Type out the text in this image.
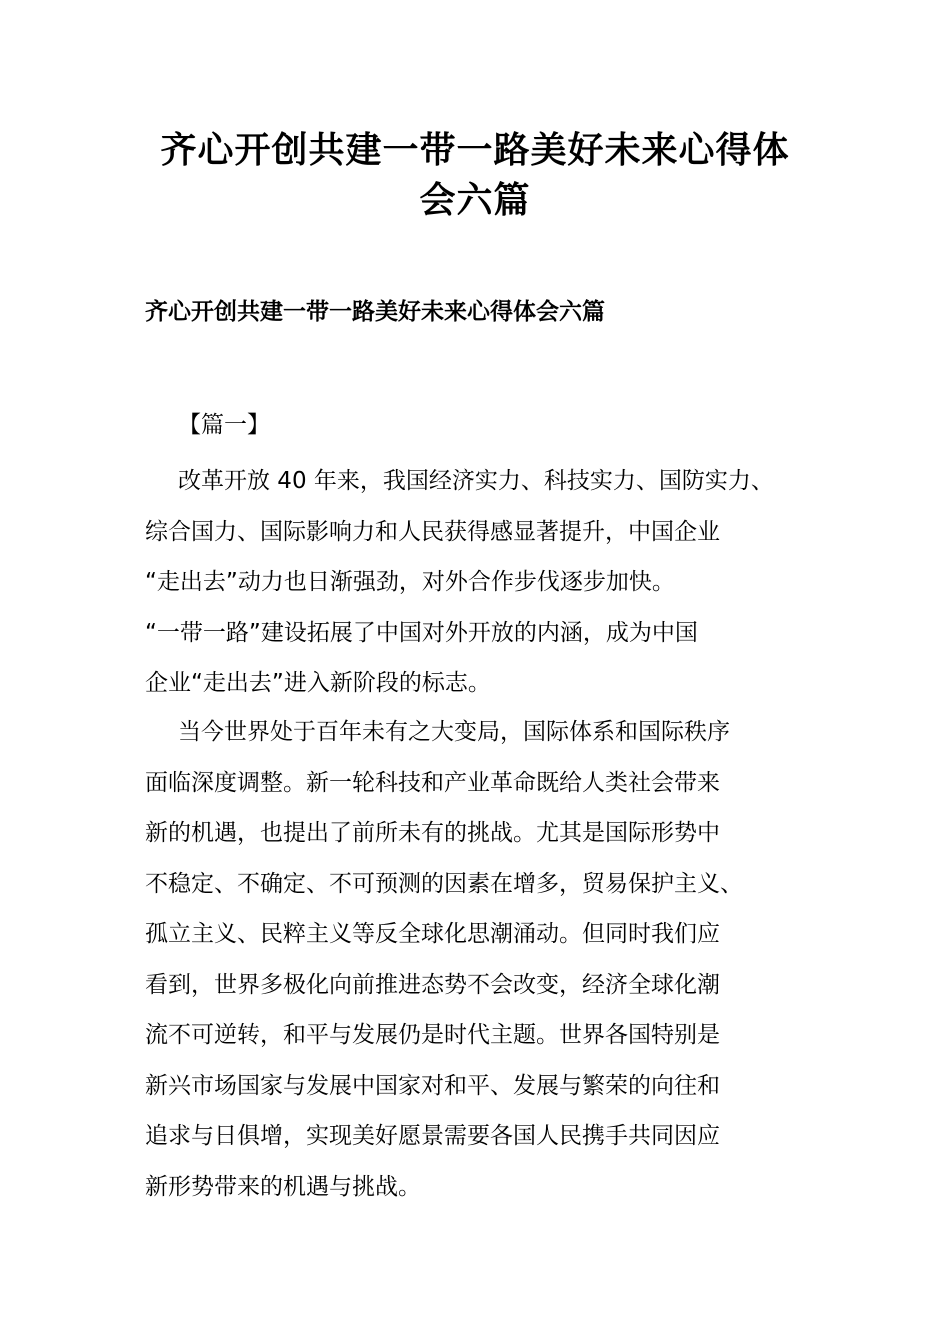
齐心开创共建一带一路美好未来心得体
会六篇
齐心开创共建一带一路美好未来心得体会六篇

【篇一】

改革开放 40 年来，我国经济实力、科技实力、国防实力、
综合国力、国际影响力和人民获得感显著提升，中国企业
“走出去”动力也日渐强劲，对外合作步伐逐步加快。
“一带一路”建设拓展了中国对外开放的内涵，成为中国
企业“走出去”进入新阶段的标志。

当今世界处于百年未有之大变局，国际体系和国际秩序
面临深度调整。新一轮科技和产业革命既给人类社会带来
新的机遇，也提出了前所未有的挑战。尤其是国际形势中
不稳定、不确定、不可预测的因素在增多，贸易保护主义、
孤立主义、民粹主义等反全球化思潮涌动。但同时我们应
看到，世界多极化向前推进态势不会改变，经济全球化潮
流不可逆转，和平与发展仍是时代主题。世界各国特别是
新兴市场国家与发展中国家对和平、发展与繁荣的向往和
追求与日俱增，实现美好愿景需要各国人民携手共同因应
新形势带来的机遇与挑战。
